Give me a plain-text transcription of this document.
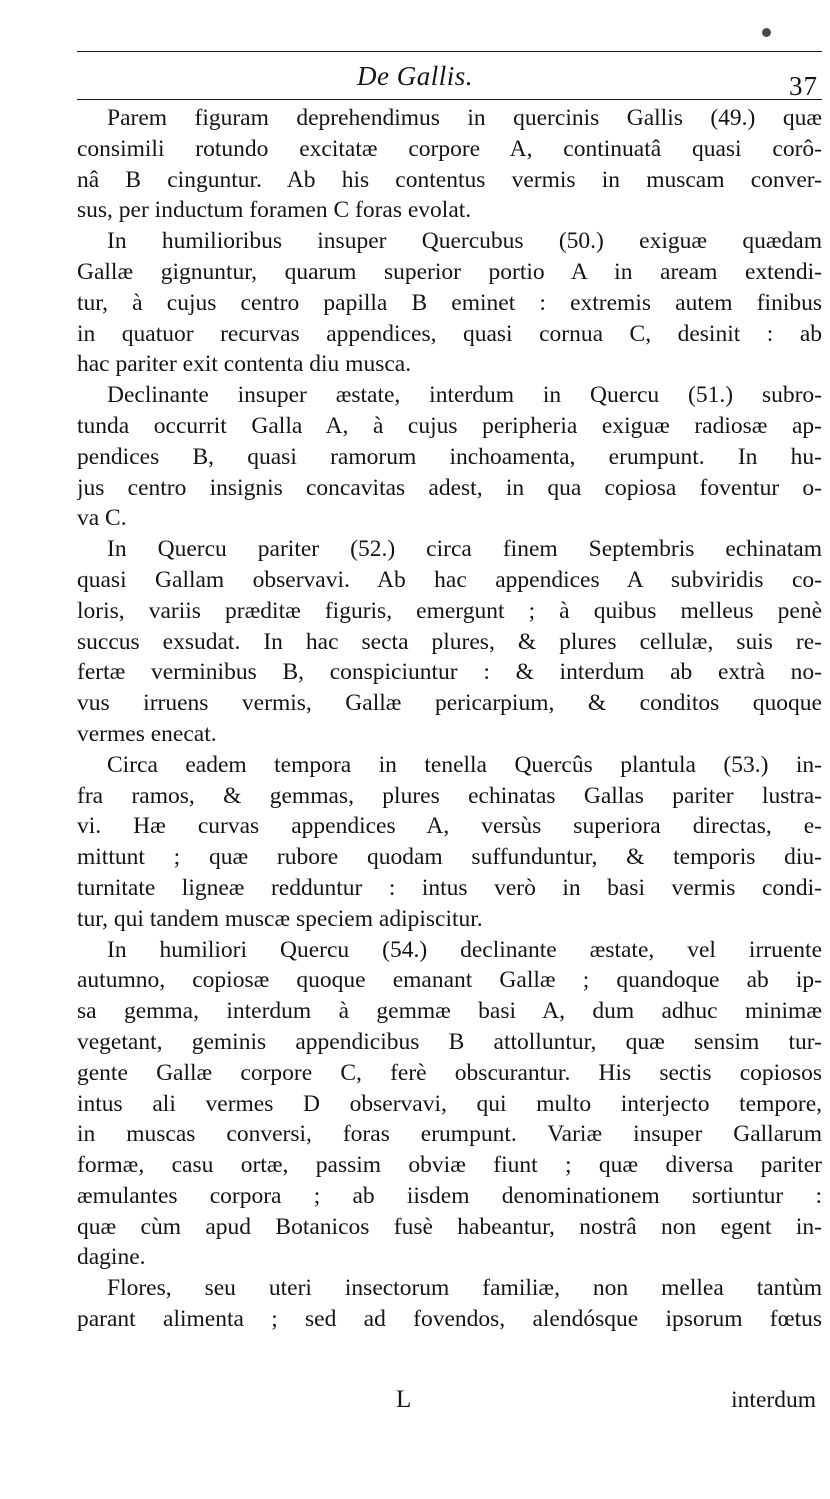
De Gallis.	37
Parem figuram deprehendimus in quercinis Gallis (49.) quæ
consimili rotundo excitatæ corpore A, continuatâ quasi corô-
nâ B cinguntur. Ab his contentus vermis in muscam conver-
sus, per inductum foramen C foras evolat.
In humilioribus insuper Quercubus (50.) exiguæ quædam
Gallæ gignuntur, quarum superior portio A in aream extendi-
tur, à cujus centro papilla B eminet : extremis autem finibus
in quatuor recurvas appendices, quasi cornua C, desinit : ab
hac pariter exit contenta diu musca.
Declinante insuper æstate, interdum in Quercu (51.) subro-
tunda occurrit Galla A, à cujus peripheria exiguæ radiosæ ap-
pendices B, quasi ramorum inchoamenta, erumpunt. In hu-
jus centro insignis concavitas adest, in qua copiosa foventur o-
va C.
In Quercu pariter (52.) circa finem Septembris echinatam
quasi Gallam observavi. Ab hac appendices A subviridis co-
loris, variis præditæ figuris, emergunt ; à quibus melleus penè
succus exsudat. In hac secta plures, & plures cellulæ, suis re-
fertæ verminibus B, conspiciuntur : & interdum ab extrà no-
vus irruens vermis, Gallæ pericarpium, & conditos quoque
vermes enecat.
Circa eadem tempora in tenella Quercûs plantula (53.) in-
fra ramos, & gemmas, plures echinatas Gallas pariter lustra-
vi. Hæ curvas appendices A, versùs superiora directas, e-
mittunt ; quæ rubore quodam suffunduntur, & temporis diu-
turnitate ligneæ redduntur : intus verò in basi vermis condi-
tur, qui tandem muscæ speciem adipiscitur.
In humiliori Quercu (54.) declinante æstate, vel irruente
autumno, copiosæ quoque emanant Gallæ ; quandoque ab ip-
sa gemma, interdum à gemmæ basi A, dum adhuc minimæ
vegetant, geminis appendicibus B attolluntur, quæ sensim tur-
gente Gallæ corpore C, ferè obscurantur. His sectis copiosos
intus ali vermes D observavi, qui multo interjecto tempore,
in muscas conversi, foras erumpunt. Variæ insuper Gallarum
formæ, casu ortæ, passim obviæ fiunt ; quæ diversa pariter
æmulantes corpora ; ab iisdem denominationem sortiuntur :
quæ cùm apud Botanicos fusè habeantur, nostrâ non egent in-
dagine.
Flores, seu uteri insectorum familiæ, non mellea tantùm
parant alimenta ; sed ad fovendos, alendósque ipsorum fœtus
L	interdum
